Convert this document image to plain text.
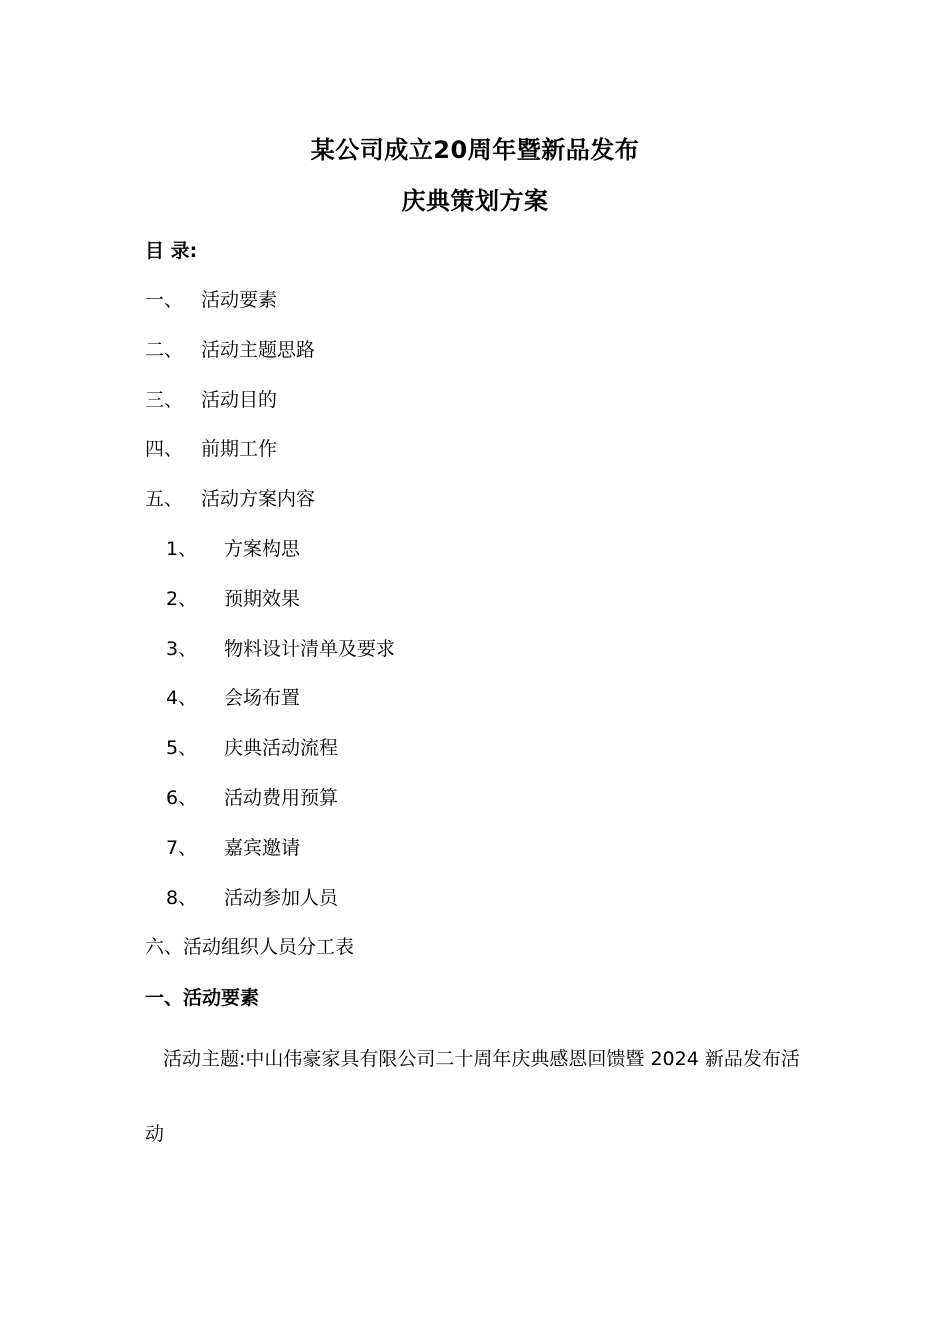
某公司成立20周年暨新品发布
庆典策划方案
目 录:
一、 活动要素
二、 活动主题思路
三、 活动目的
四、 前期工作
五、 活动方案内容
1、 方案构思
2、 预期效果
3、 物料设计清单及要求
4、 会场布置
5、 庆典活动流程
6、 活动费用预算
7、 嘉宾邀请
8、 活动参加人员
六、活动组织人员分工表
一、活动要素
活动主题:中山伟豪家具有限公司二十周年庆典感恩回馈暨 2024 新品发布活
动
